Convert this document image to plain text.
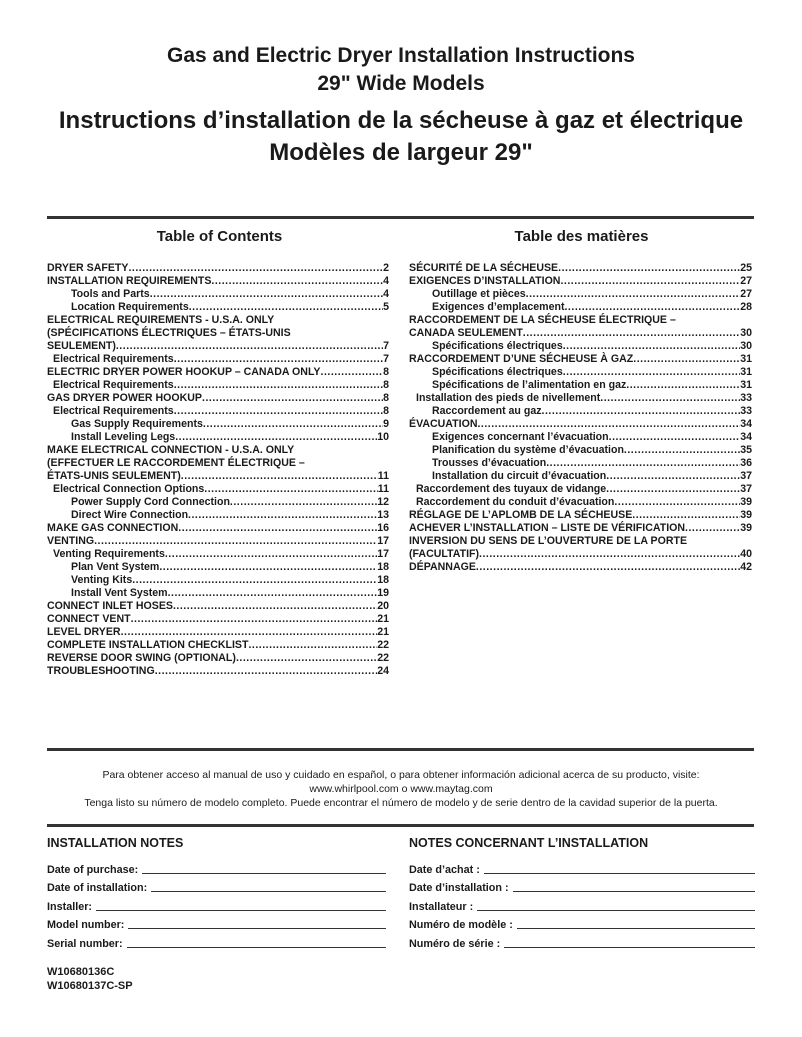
Gas and Electric Dryer Installation Instructions
29" Wide Models
Instructions d’installation de la sécheuse à gaz et électrique
Modèles de largeur 29"
Table of Contents	Table des matières
DRYER SAFETY .....	2
INSTALLATION REQUIREMENTS .....	4
Tools and Parts .....	4
Location Requirements .....	5
ELECTRICAL REQUIREMENTS - U.S.A. ONLY
(SPÉCIFICATIONS ÉLECTRIQUES – ÉTATS-UNIS
SEULEMENT) .....	7
Electrical Requirements .....	7
ELECTRIC DRYER POWER HOOKUP – CANADA ONLY .....	8
Electrical Requirements .....	8
GAS DRYER POWER HOOKUP .....	8
Electrical Requirements .....	8
Gas Supply Requirements .....	9
Install Leveling Legs .....	10
MAKE ELECTRICAL CONNECTION - U.S.A. ONLY
(EFFECTUER LE RACCORDEMENT ÉLECTRIQUE –
ÉTATS-UNIS SEULEMENT) .....	11
Electrical Connection Options .....	11
Power Supply Cord Connection .....	12
Direct Wire Connection .....	13
MAKE GAS CONNECTION .....	16
VENTING .....	17
Venting Requirements .....	17
Plan Vent System .....	18
Venting Kits .....	18
Install Vent System .....	19
CONNECT INLET HOSES .....	20
CONNECT VENT .....	21
LEVEL DRYER .....	21
COMPLETE INSTALLATION CHECKLIST .....	22
REVERSE DOOR SWING (OPTIONAL) .....	22
TROUBLESHOOTING .....	24
SÉCURITÉ DE LA SÉCHEUSE .....	25
EXIGENCES D’INSTALLATION .....	27
Outillage et pièces .....	27
Exigences d’emplacement .....	28
RACCORDEMENT DE LA SÉCHEUSE ÉLECTRIQUE –
CANADA SEULEMENT .....	30
Spécifications électriques .....	30
RACCORDEMENT D’UNE SÉCHEUSE À GAZ .....	31
Spécifications électriques .....	31
Spécifications de l’alimentation en gaz .....	31
Installation des pieds de nivellement .....	33
Raccordement au gaz .....	33
ÉVACUATION .....	34
Exigences concernant l’évacuation .....	34
Planification du système d’évacuation .....	35
Trousses d’évacuation .....	36
Installation du circuit d’évacuation .....	37
Raccordement des tuyaux de vidange .....	37
Raccordement du conduit d’évacuation .....	39
RÉGLAGE DE L’APLOMB DE LA SÉCHEUSE .....	39
ACHEVER L’INSTALLATION – LISTE DE VÉRIFICATION .....	39
INVERSION DU SENS DE L’OUVERTURE DE LA PORTE
(FACULTATIF) .....	40
DÉPANNAGE .....	42
Para obtener acceso al manual de uso y cuidado en español, o para obtener información adicional acerca de su producto, visite:
www.whirlpool.com o www.maytag.com
Tenga listo su número de modelo completo. Puede encontrar el número de modelo y de serie dentro de la cavidad superior de la puerta.
INSTALLATION NOTES	NOTES CONCERNANT L’INSTALLATION
Date of purchase:
Date of installation:
Installer:
Model number:
Serial number:
Date d’achat :
Date d’installation :
Installateur :
Numéro de modèle :
Numéro de série :
W10680136C
W10680137C-SP
